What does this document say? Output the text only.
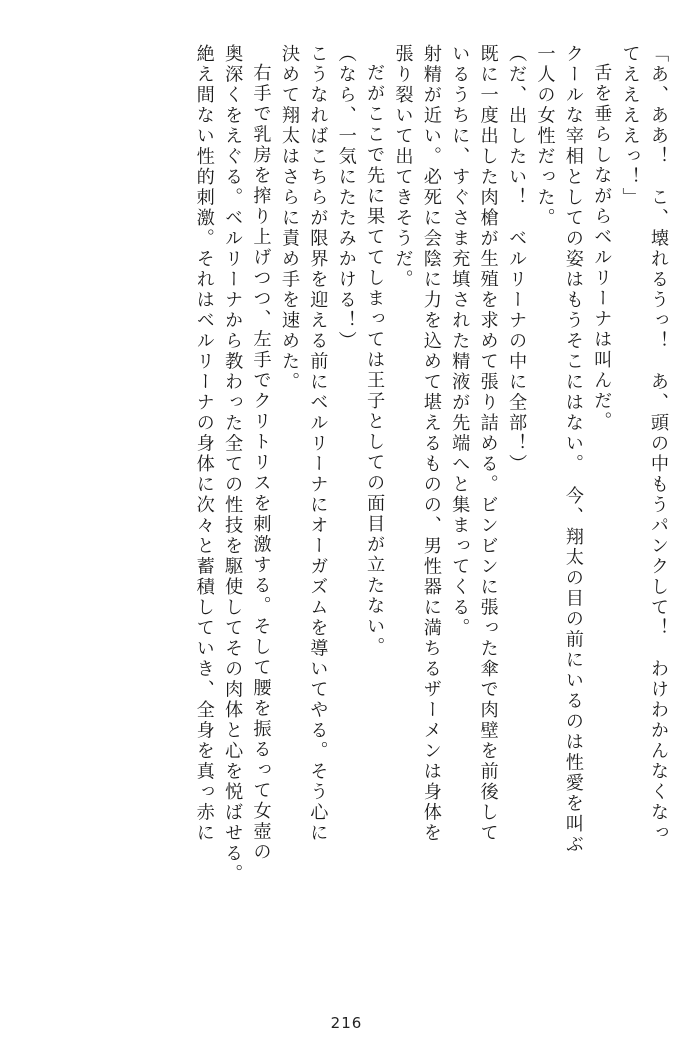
「あ、ああ！　こ、壊れるうっ！　あ、頭の中もうパンクして！　わけわかんなくなっ
てええええっ！」
舌を垂らしながらベルリーナは叫んだ。
クールな宰相としての姿はもうそこにはない。　今、翔太の目の前にいるのは性愛を叫ぶ
一人の女性だった。
（だ、出したい！　ベルリーナの中に全部！）
既に一度出した肉槍が生殖を求めて張り詰める。ビンビンに張った傘で肉壁を前後して
いるうちに、すぐさま充填された精液が先端へと集まってくる。
射精が近い。必死に会陰に力を込めて堪えるものの、男性器に満ちるザーメンは身体を
張り裂いて出てきそうだ。
だがここで先に果ててしまっては王子としての面目が立たない。
（なら、一気にたたみかける！）
こうなればこちらが限界を迎える前にベルリーナにオーガズムを導いてやる。そう心に
決めて翔太はさらに責め手を速めた。
右手で乳房を搾り上げつつ、左手でクリトリスを刺激する。そして腰を振るって女壺の
奥深くをえぐる。ベルリーナから教わった全ての性技を駆使してその肉体と心を悦ばせる。
絶え間ない性的刺激。それはベルリーナの身体に次々と蓄積していき、全身を真っ赤に
216
